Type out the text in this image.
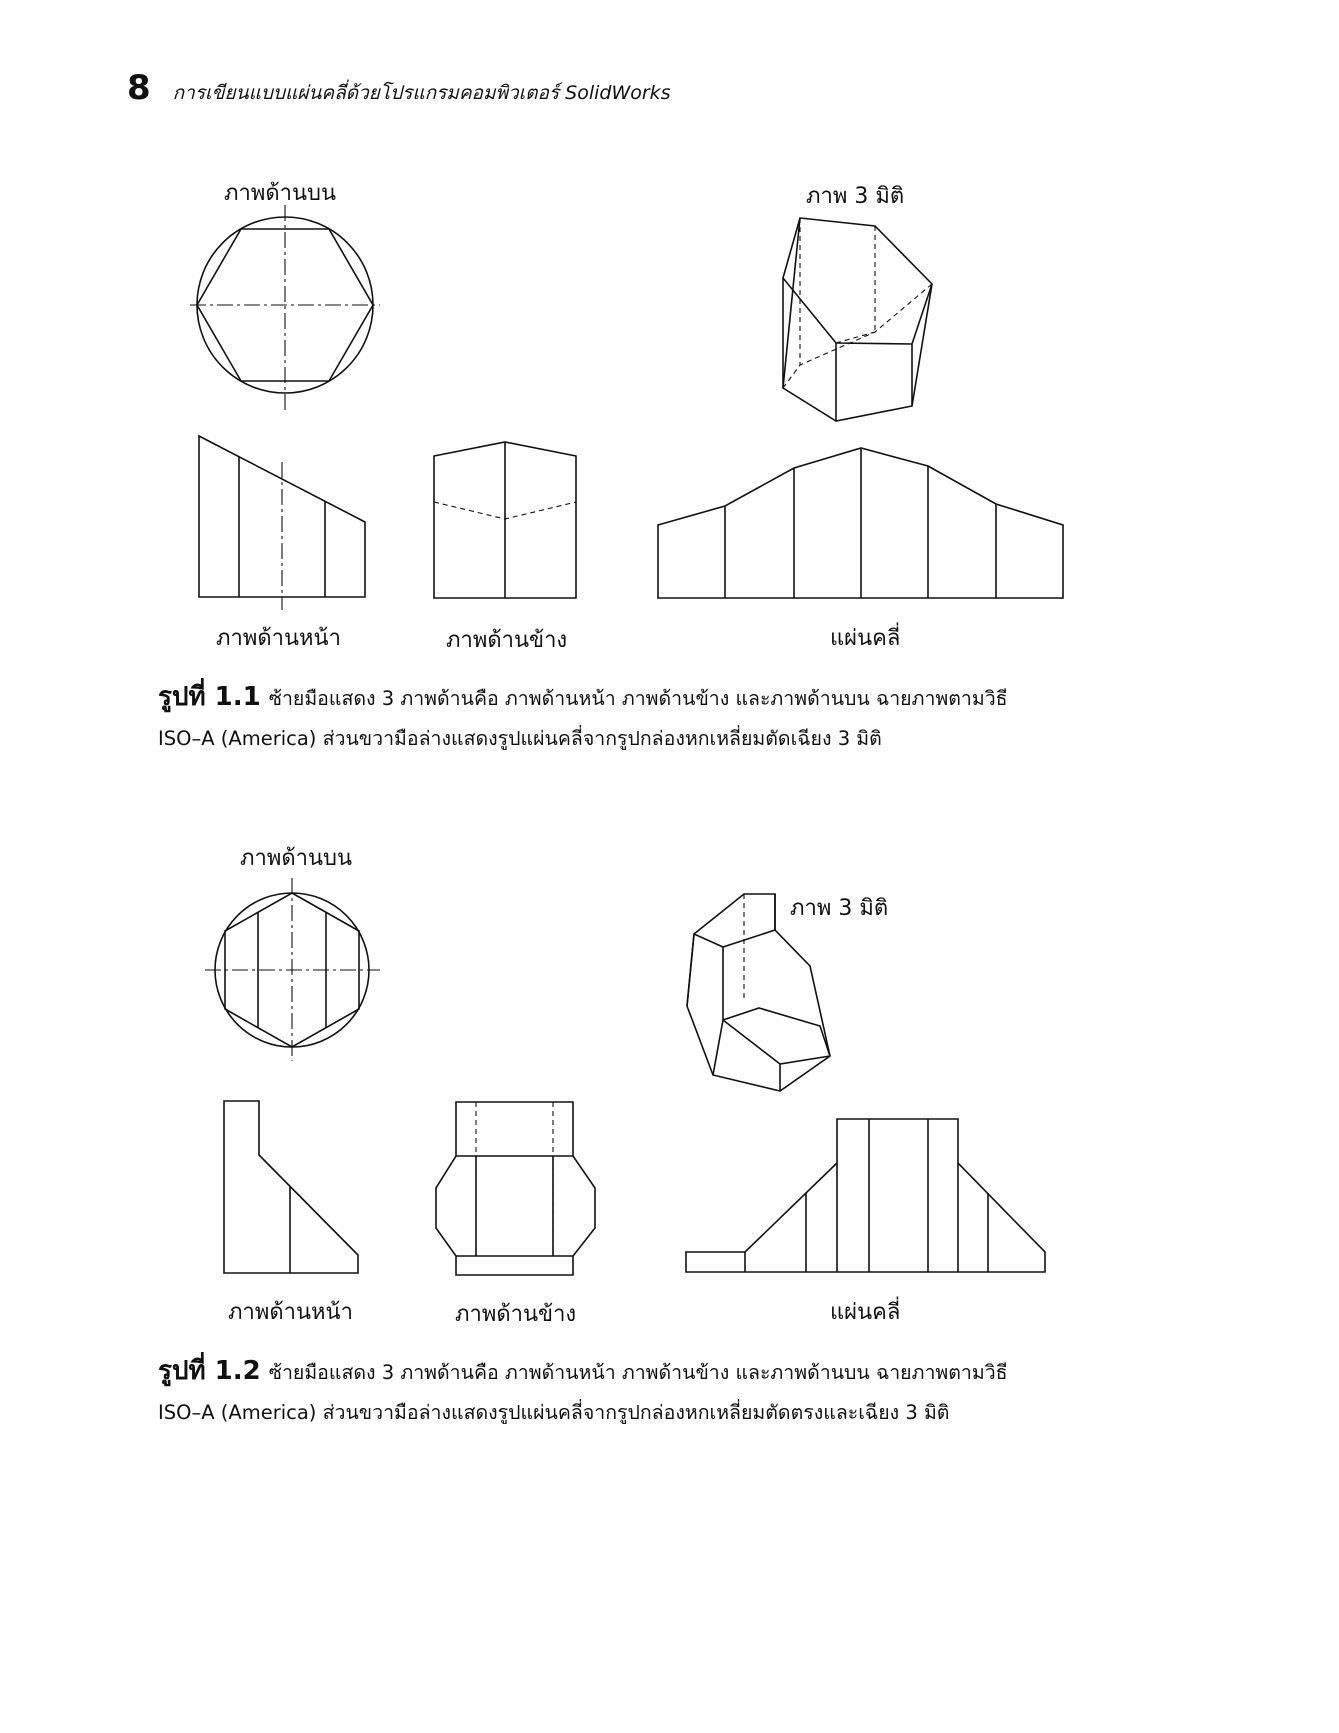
8 การเขียนแบบแผ่นคลี่ด้วยโปรแกรมคอมพิวเตอร์ SolidWorks
ภาพด้านบน	ภาพ 3 มิติ
ภาพด้านหน้า	ภาพด้านข้าง	แผ่นคลี่
รูปที่ 1.1 ซ้ายมือแสดง 3 ภาพด้านคือ ภาพด้านหน้า ภาพด้านข้าง และภาพด้านบน ฉายภาพตามวิธี
ISO–A (America) ส่วนขวามือล่างแสดงรูปแผ่นคลี่จากรูปกล่องหกเหลี่ยมตัดเฉียง 3 มิติ
ภาพด้านบน
ภาพ 3 มิติ
ภาพด้านหน้า	ภาพด้านข้าง	แผ่นคลี่
รูปที่ 1.2 ซ้ายมือแสดง 3 ภาพด้านคือ ภาพด้านหน้า ภาพด้านข้าง และภาพด้านบน ฉายภาพตามวิธี
ISO–A (America) ส่วนขวามือล่างแสดงรูปแผ่นคลี่จากรูปกล่องหกเหลี่ยมตัดตรงและเฉียง 3 มิติ
